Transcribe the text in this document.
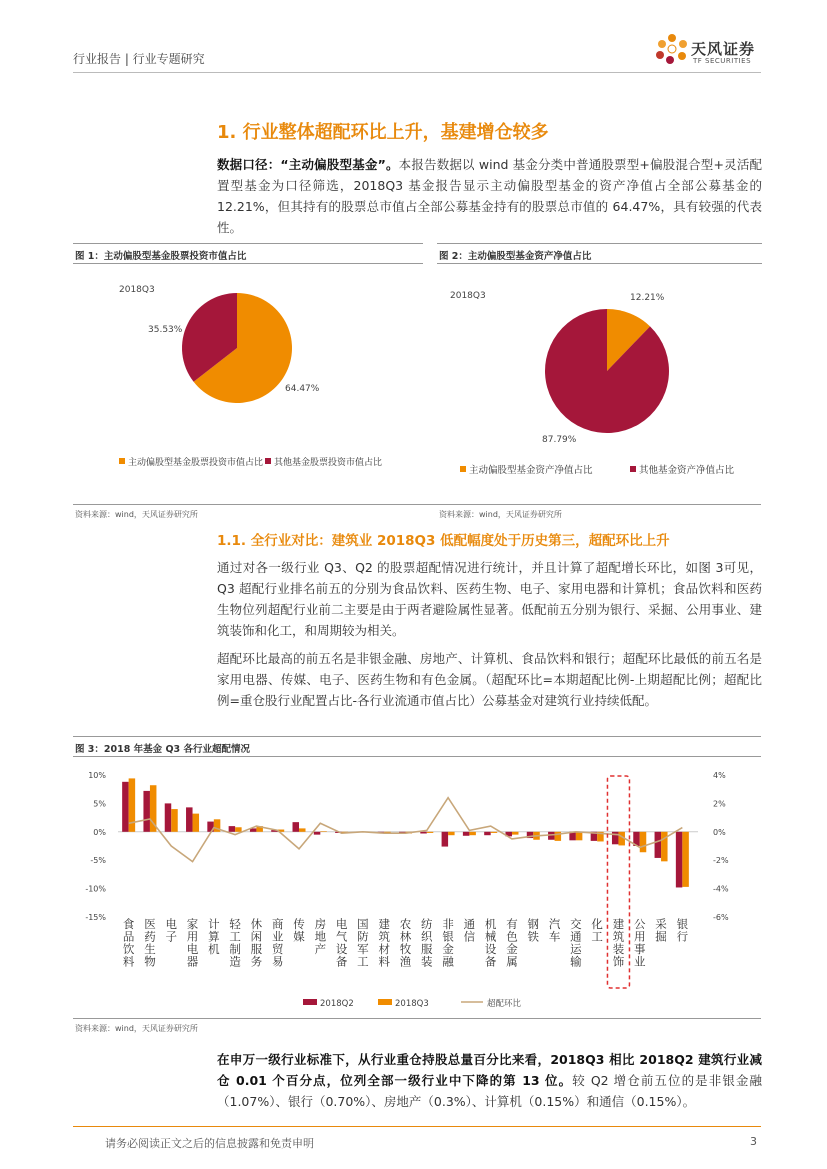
行业报告 | 行业专题研究
天风证券
TF SECURITIES
1. 行业整体超配环比上升，基建增仓较多
数据口径：“主动偏股型基金”。本报告数据以 wind 基金分类中普通股票型+偏股混合型+灵活配置型基金为口径筛选，2018Q3 基金报告显示主动偏股型基金的资产净值占全部公募基金的 12.21%，但其持有的股票总市值占全部公募基金持有的股票总市值的 64.47%，具有较强的代表性。
图 1：主动偏股型基金股票投资市值占比
2018Q3
35.53%
64.47%
主动偏股型基金股票投资市值占比 其他基金股票投资市值占比
图 2：主动偏股型基金资产净值占比
2018Q3	12.21%
87.79%
主动偏股型基金资产净值占比	其他基金资产净值占比
资料来源：wind，天风证券研究所	资料来源：wind，天风证券研究所
1.1. 全行业对比：建筑业 2018Q3 低配幅度处于历史第三，超配环比上升
通过对各一级行业 Q3、Q2 的股票超配情况进行统计，并且计算了超配增长环比，如图 3可见，Q3 超配行业排名前五的分别为食品饮料、医药生物、电子、家用电器和计算机；食品饮料和医药生物位列超配行业前二主要是由于两者避险属性显著。低配前五分别为银行、采掘、公用事业、建筑装饰和化工，和周期较为相关。
超配环比最高的前五名是非银金融、房地产、计算机、食品饮料和银行；超配环比最低的前五名是家用电器、传媒、电子、医药生物和有色金属。（超配环比=本期超配比例-上期超配比例；超配比例=重仓股行业配置占比-各行业流通市值占比）公募基金对建筑行业持续低配。
图 3：2018 年基金 Q3 各行业超配情况
10%
5%
0%
-5%
-10%
-15%
4%
2%
0%
-2%
-4%
-6%
食品饮料
医药生物
电子
家用电器
计算机
轻工制造
休闲服务
商业贸易
传媒
房地产
电气设备
国防军工
建筑材料
农林牧渔
纺织服装
非银金融
通信
机械设备
有色金属
钢铁
汽车
交通运输
化工
建筑装饰
公用事业
采掘
银行
2018Q2	2018Q3	超配环比
资料来源：wind，天风证券研究所
在申万一级行业标准下，从行业重仓持股总量百分比来看，2018Q3 相比 2018Q2 建筑行业减仓 0.01 个百分点，位列全部一级行业中下降的第 13 位。较 Q2 增仓前五位的是非银金融（1.07%）、银行（0.70%）、房地产（0.3%）、计算机（0.15%）和通信（0.15%）。
请务必阅读正文之后的信息披露和免责申明	3
